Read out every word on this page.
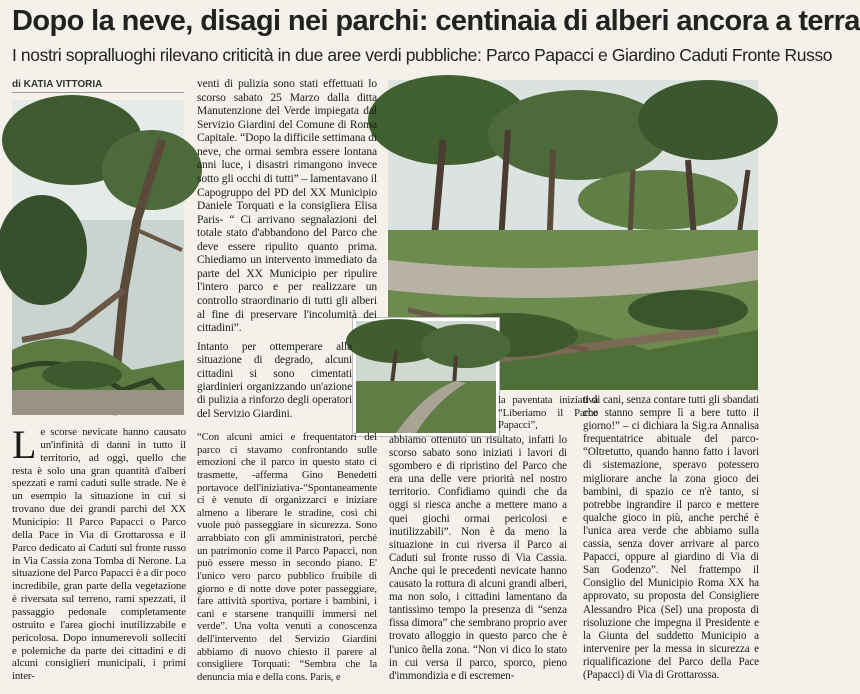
Dopo la neve, disagi nei parchi: centinaia di alberi ancora a terra
I nostri sopralluoghi rilevano criticità in due aree verdi pubbliche: Parco Papacci e Giardino Caduti Fronte Russo
di KATIA VITTORIA
Le scorse nevicate hanno causato un'infinità di danni in tutto il territorio, ad oggi, quello che resta è solo una gran quantità d'alberi spezzati e rami caduti sulle strade. Ne è un esempio la situazione in cui si trovano due dei grandi parchi del XX Municipio: Il Parco Papacci o Parco della Pace in Via di Grottarossa e il Parco dedicato ai Caduti sul fronte russo in Via Cassia zona Tomba di Nerone. La situazione del Parco Papacci è a dir poco incredibile, gran parte della vegetazione è riversata sul terreno, rami spezzati, il passaggio pedonale completamente ostruito e l'area giochi inutilizzabile e pericolosa. Dopo innumerevoli solleciti e polemiche da parte dei cittadini e di alcuni consiglieri municipali, i primi inter-
venti di pulizia sono stati effettuati lo scorso sabato 25 Marzo dalla ditta Manutenzione del Verde impiegata dal Servizio Giardini del Comune di Roma Capitale. “Dopo la difficile settimana di neve, che ormai sembra essere lontana anni luce, i disastri rimangono invece sotto gli occhi di tutti” – lamentavano il Capogruppo del PD del XX Municipio Daniele Torquati e la consigliera Elisa Paris- “ Ci arrivano segnalazioni del totale stato d'abbandono del Parco che deve essere ripulito quanto prima. Chiediamo un intervento immediato da parte del XX Municipio per ripulire l'intero parco e per realizzare un controllo straordinario di tutti gli alberi al fine di preservare l'incolumità dei cittadini”.
Intanto per ottemperare alla situazione di degrado, alcuni cittadini si sono cimentati giardinieri organizzando un'azione di pulizia a rinforzo degli operatori del Servizio Giardini.
“Con alcuni amici e frequentatori del parco ci stavamo confrontando sulle emozioni che il parco in questo stato ci trasmette, -afferma Gino Benedetti portavoce dell'iniziativa-“Spontaneamente ci è venuto di organizzarci e iniziare almeno a liberare le stradine, così chi vuole può passeggiare in sicurezza. Sono arrabbiato con gli amministratori, perché un patrimonio come il Parco Papacci, non può essere messo in secondo piano. E' l'unico vero parco pubblico fruibile di giorno e di notte dove poter passeggiare, fare attività sportiva, portare i bambini, i cani e starsene tranquilli immersi nel verde”. Una volta venuti a conoscenza dell'intervento del Servizio Giardini abbiamo di nuovo chiesto il parere al consigliere Torquati: “Sembra che la denuncia mia e della cons. Paris, e
la paventata iniziativa “Liberiamo il Parco Papacci”,
abbiamo ottenuto un risultato, infatti lo scorso sabato sono iniziati i lavori di sgombero e di ripristino del Parco che era una delle vere priorità nel nostro territorio. Confidiamo quindi che da oggi si riesca anche a mettere mano a quei giochi ormai pericolosi e inutilizzabili”. Non è da meno la situazione in cui riversa il Parco ai Caduti sul fronte russo di Via Cassia. Anche qui le precedenti nevicate hanno causato la rottura di alcuni grandi alberi, ma non solo, i cittadini lamentano da tantissimo tempo la presenza di “senza fissa dimora” che sembrano proprio aver trovato alloggio in questo parco che è l'unico ñella zona. “Non vi dico lo stato in cui versa il parco, sporco, pieno d'immondizia e di escremen-
ti di cani, senza contare tutti gli sbandati che stanno sempre lì a bere tutto il giorno!” – ci dichiara la Sig.ra Annalisa frequentatrice abituale del parco- “Oltretutto, quando hanno fatto i lavori di sistemazione, speravo potessero migliorare anche la zona gioco dei bambini, di spazio ce n'è tanto, si potrebbe ingrandire il parco e mettere qualche gioco in più, anche perché è l'unica area verde che abbiamo sulla cassia, senza dover arrivare al parco Papacci, oppure al giardino di Via di San Godenzo”. Nel frattempo il Consiglio del Municipio Roma XX ha approvato, su proposta del Consigliere Alessandro Pica (Sel) una proposta di risoluzione che impegna il Presidente e la Giunta del suddetto Municipio a intervenire per la messa in sicurezza e riqualificazione del Parco della Pace (Papacci) di Via di Grottarossa.
